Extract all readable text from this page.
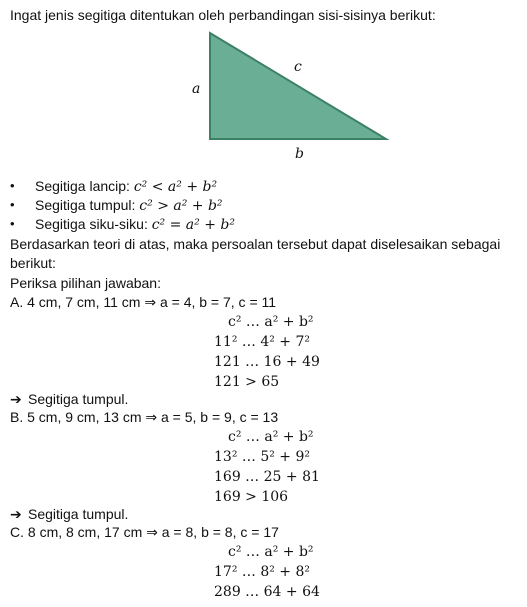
Ingat jenis segitiga ditentukan oleh perbandingan sisi-sisinya berikut:
a
c
b
• Segitiga lancip: c² < a² + b²
• Segitiga tumpul: c² > a² + b²
• Segitiga siku-siku: c² = a² + b²
Berdasarkan teori di atas, maka persoalan tersebut dapat diselesaikan sebagai
berikut:
Periksa pilihan jawaban:
A. 4 cm, 7 cm, 11 cm ⇒ a = 4, b = 7, c = 11
c² … a² + b²
11² … 4² + 7²
121 … 16 + 49
121 > 65
➔ Segitiga tumpul.
B. 5 cm, 9 cm, 13 cm ⇒ a = 5, b = 9, c = 13
c² … a² + b²
13² … 5² + 9²
169 … 25 + 81
169 > 106
➔ Segitiga tumpul.
C. 8 cm, 8 cm, 17 cm ⇒ a = 8, b = 8, c = 17
c² … a² + b²
17² … 8² + 8²
289 … 64 + 64
